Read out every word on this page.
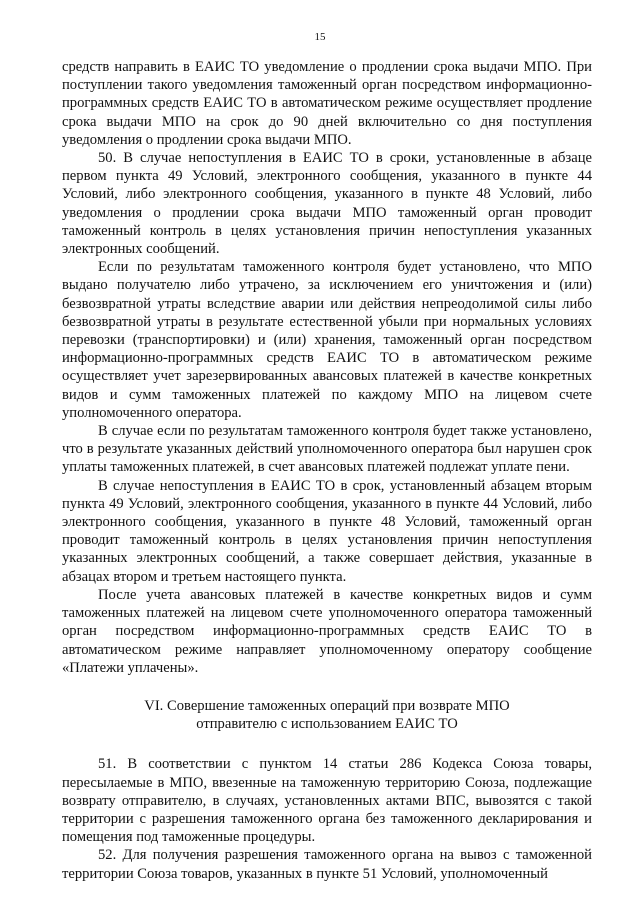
15

средств направить в ЕАИС ТО уведомление о продлении срока выдачи МПО. При поступлении такого уведомления таможенный орган посредством информационно-программных средств ЕАИС ТО в автоматическом режиме осуществляет продление срока выдачи МПО на срок до 90 дней включительно со дня поступления уведомления о продлении срока выдачи МПО.

50. В случае непоступления в ЕАИС ТО в сроки, установленные в абзаце первом пункта 49 Условий, электронного сообщения, указанного в пункте 44 Условий, либо электронного сообщения, указанного в пункте 48 Условий, либо уведомления о продлении срока выдачи МПО таможенный орган проводит таможенный контроль в целях установления причин непоступления указанных электронных сообщений.

Если по результатам таможенного контроля будет установлено, что МПО выдано получателю либо утрачено, за исключением его уничтожения и (или) безвозвратной утраты вследствие аварии или действия непреодолимой силы либо безвозвратной утраты в результате естественной убыли при нормальных условиях перевозки (транспортировки) и (или) хранения, таможенный орган посредством информационно-программных средств ЕАИС ТО в автоматическом режиме осуществляет учет зарезервированных авансовых платежей в качестве конкретных видов и сумм таможенных платежей по каждому МПО на лицевом счете уполномоченного оператора.

В случае если по результатам таможенного контроля будет также установлено, что в результате указанных действий уполномоченного оператора был нарушен срок уплаты таможенных платежей, в счет авансовых платежей подлежат уплате пени.

В случае непоступления в ЕАИС ТО в срок, установленный абзацем вторым пункта 49 Условий, электронного сообщения, указанного в пункте 44 Условий, либо электронного сообщения, указанного в пункте 48 Условий, таможенный орган проводит таможенный контроль в целях установления причин непоступления указанных электронных сообщений, а также совершает действия, указанные в абзацах втором и третьем настоящего пункта.

После учета авансовых платежей в качестве конкретных видов и сумм таможенных платежей на лицевом счете уполномоченного оператора таможенный орган посредством информационно-программных средств ЕАИС ТО в автоматическом режиме направляет уполномоченному оператору сообщение «Платежи уплачены».

VI. Совершение таможенных операций при возврате МПО
отправителю с использованием ЕАИС ТО

51. В соответствии с пунктом 14 статьи 286 Кодекса Союза товары, пересылаемые в МПО, ввезенные на таможенную территорию Союза, подлежащие возврату отправителю, в случаях, установленных актами ВПС, вывозятся с такой территории с разрешения таможенного органа без таможенного декларирования и помещения под таможенные процедуры.

52. Для получения разрешения таможенного органа на вывоз с таможенной территории Союза товаров, указанных в пункте 51 Условий, уполномоченный
